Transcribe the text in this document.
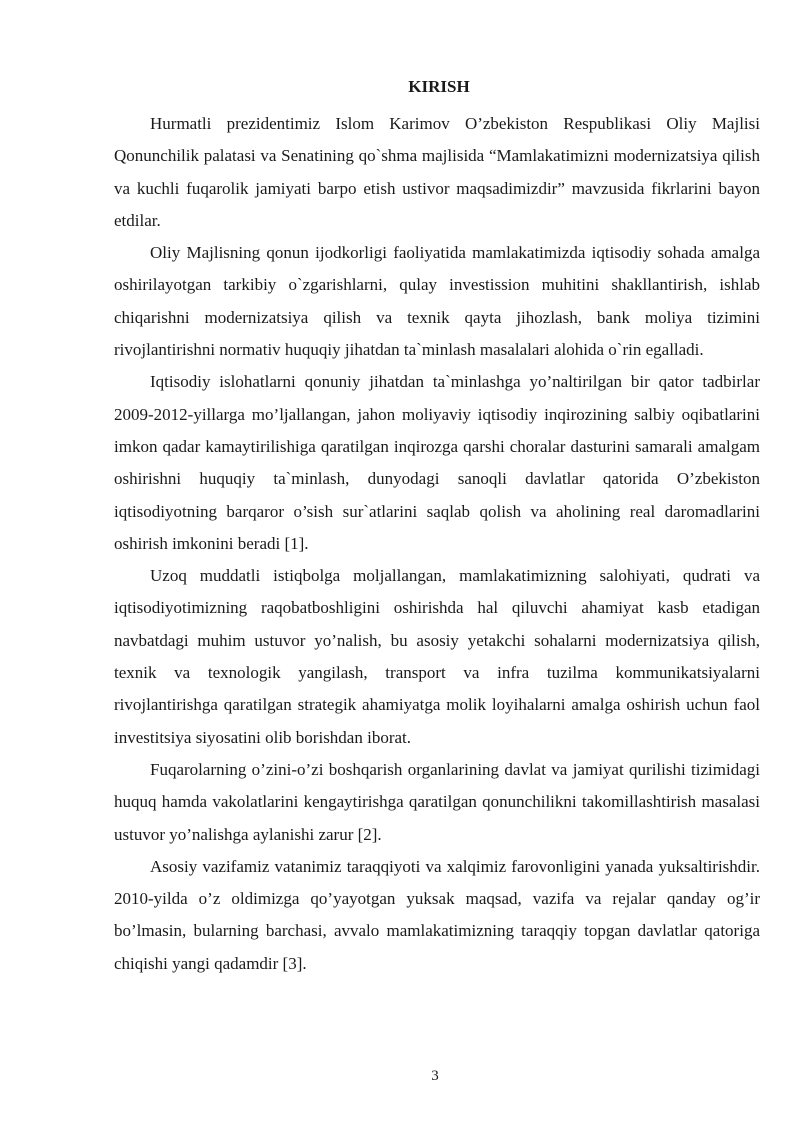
KIRISH

Hurmatli prezidentimiz Islom Karimov O’zbekiston Respublikasi Oliy Majlisi Qonunchilik palatasi va Senatining qo`shma majlisida “Mamlakatimizni modernizatsiya qilish va kuchli fuqarolik jamiyati barpo etish ustivor maqsadimizdir” mavzusida fikrlarini bayon etdilar.

Oliy Majlisning qonun ijodkorligi faoliyatida mamlakatimizda iqtisodiy sohada amalga oshirilayotgan tarkibiy o`zgarishlarni, qulay investission muhitini shakllantirish, ishlab chiqarishni modernizatsiya qilish va texnik qayta jihozlash, bank moliya tizimini rivojlantirishni normativ huquqiy jihatdan ta`minlash masalalari alohida o`rin egalladi.

Iqtisodiy islohatlarni qonuniy jihatdan ta`minlashga yo’naltirilgan bir qator tadbirlar 2009-2012-yillarga mo’ljallangan, jahon moliyaviy iqtisodiy inqirozining salbiy oqibatlarini imkon qadar kamaytirilishiga qaratilgan inqirozga qarshi choralar dasturini samarali amalgam oshirishni huquqiy ta`minlash, dunyodagi sanoqli davlatlar qatorida O’zbekiston iqtisodiyotning barqaror o’sish sur`atlarini saqlab qolish va aholining real daromadlarini oshirish imkonini beradi [1].

Uzoq muddatli istiqbolga moljallangan, mamlakatimizning salohiyati, qudrati va iqtisodiyotimizning raqobatboshligini oshirishda hal qiluvchi ahamiyat kasb etadigan navbatdagi muhim ustuvor yo’nalish, bu asosiy yetakchi sohalarni modernizatsiya qilish, texnik va texnologik yangilash, transport va infra tuzilma kommunikatsiyalarni rivojlantirishga qaratilgan strategik ahamiyatga molik loyihalarni amalga oshirish uchun faol investitsiya siyosatini olib borishdan iborat.

Fuqarolarning o’zini-o’zi boshqarish organlarining davlat va jamiyat qurilishi tizimidagi huquq hamda vakolatlarini kengaytirishga qaratilgan qonunchilikni takomillashtirish masalasi ustuvor yo’nalishga aylanishi zarur [2].

Asosiy vazifamiz vatanimiz taraqqiyoti va xalqimiz farovonligini yanada yuksaltirishdir. 2010-yilda o’z oldimizga qo’yayotgan yuksak maqsad, vazifa va rejalar qanday og’ir bo’lmasin, bularning barchasi, avvalo mamlakatimizning taraqqiy topgan davlatlar qatoriga chiqishi yangi qadamdir [3].

3
